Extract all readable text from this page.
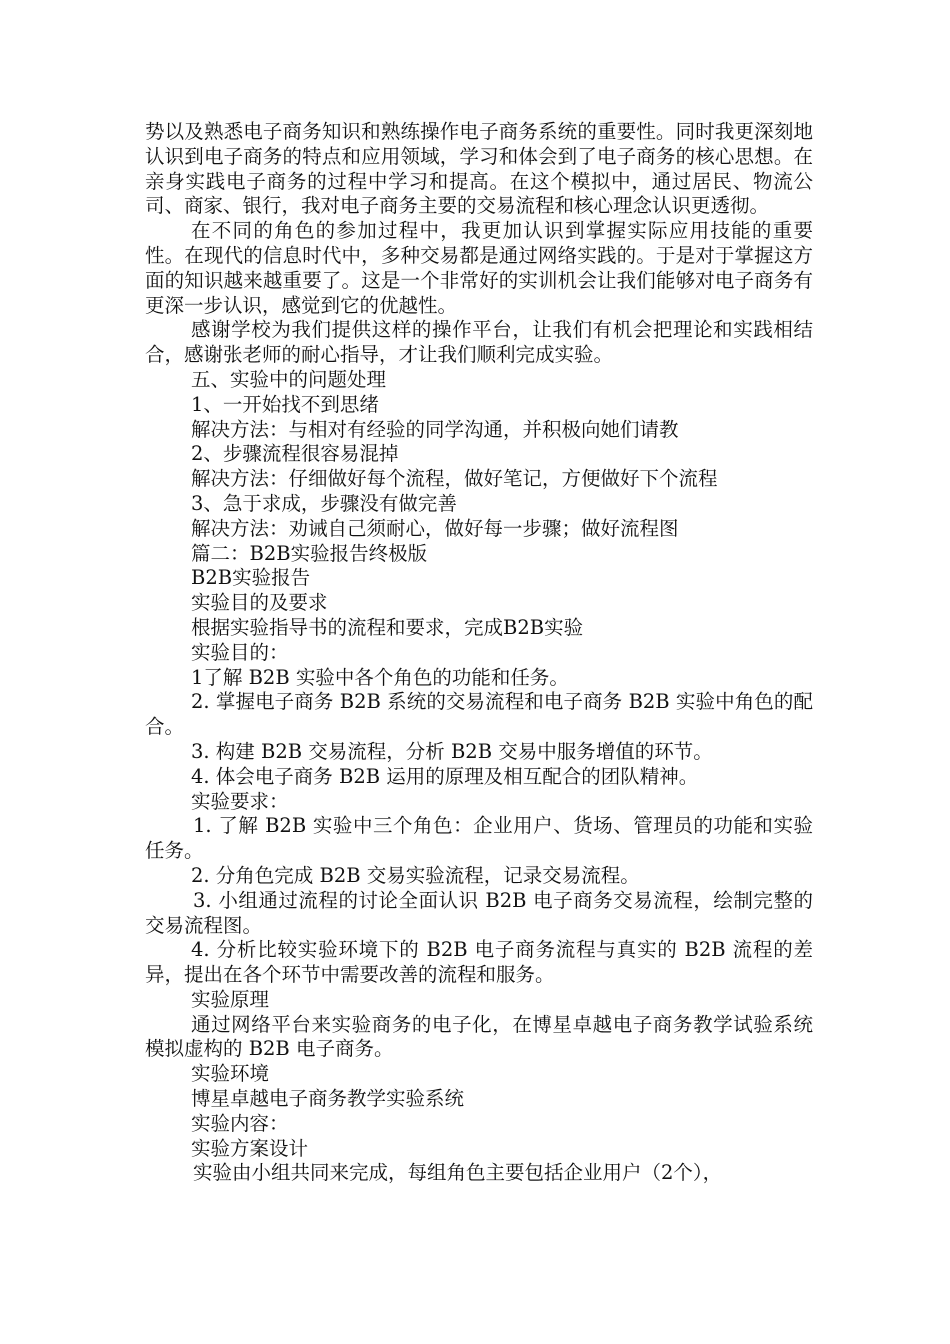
势以及熟悉电子商务知识和熟练操作电子商务系统的重要性。同时我更深刻地认识到电子商务的特点和应用领域，学习和体会到了电子商务的核心思想。在亲身实践电子商务的过程中学习和提高。在这个模拟中，通过居民、物流公司、商家、银行，我对电子商务主要的交易流程和核心理念认识更透彻。

在不同的角色的参加过程中，我更加认识到掌握实际应用技能的重要性。在现代的信息时代中，多种交易都是通过网络实践的。于是对于掌握这方面的知识越来越重要了。这是一个非常好的实训机会让我们能够对电子商务有更深一步认识，感觉到它的优越性。

感谢学校为我们提供这样的操作平台，让我们有机会把理论和实践相结合，感谢张老师的耐心指导，才让我们顺利完成实验。

五、实验中的问题处理

1、一开始找不到思绪

解决方法：与相对有经验的同学沟通，并积极向她们请教

2、步骤流程很容易混掉

解决方法：仔细做好每个流程，做好笔记，方便做好下个流程

3、急于求成，步骤没有做完善

解决方法：劝诫自己须耐心，做好每一步骤；做好流程图

篇二：B2B实验报告终极版

B2B实验报告

实验目的及要求

根据实验指导书的流程和要求，完成B2B实验

实验目的：

1了解 B2B 实验中各个角色的功能和任务。

2. 掌握电子商务 B2B 系统的交易流程和电子商务 B2B 实验中角色的配合。

3. 构建 B2B 交易流程，分析 B2B 交易中服务增值的环节。

4. 体会电子商务 B2B 运用的原理及相互配合的团队精神。

实验要求：

1. 了解 B2B 实验中三个角色：企业用户、货场、管理员的功能和实验任务。

2. 分角色完成 B2B 交易实验流程，记录交易流程。

3. 小组通过流程的讨论全面认识 B2B 电子商务交易流程，绘制完整的交易流程图。

4. 分析比较实验环境下的 B2B 电子商务流程与真实的 B2B 流程的差异，提出在各个环节中需要改善的流程和服务。

实验原理

通过网络平台来实验商务的电子化，在博星卓越电子商务教学试验系统模拟虚构的 B2B 电子商务。

实验环境

博星卓越电子商务教学实验系统

实验内容：

实验方案设计

实验由小组共同来完成，每组角色主要包括企业用户（2个），
